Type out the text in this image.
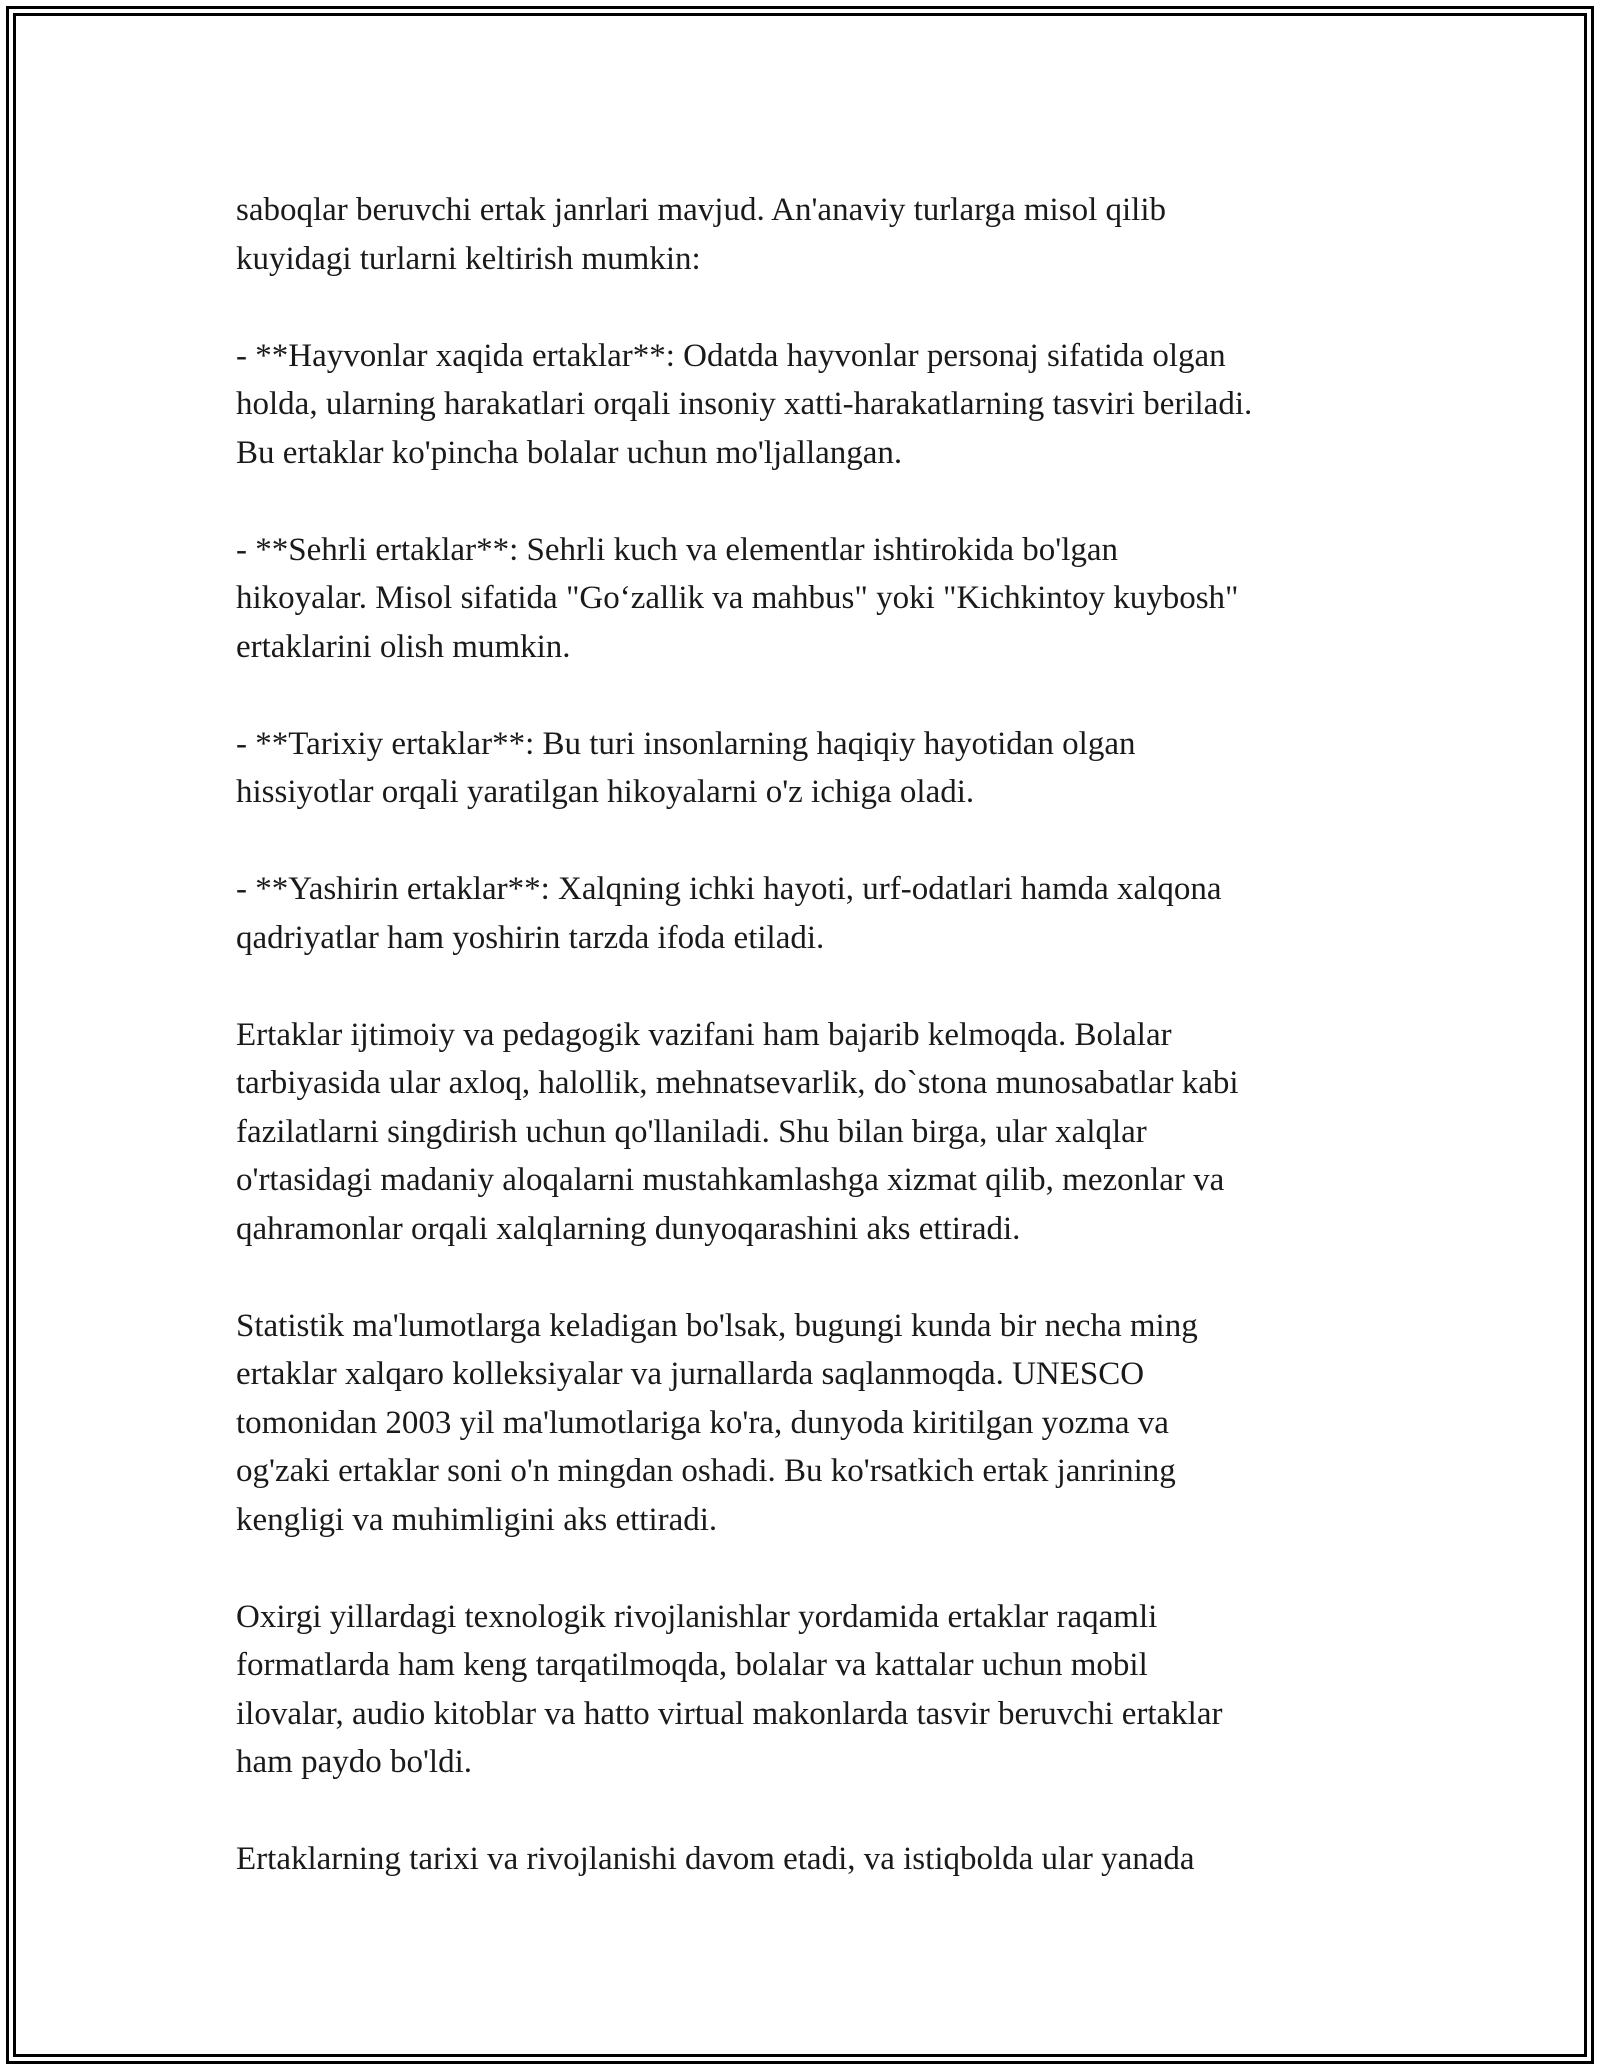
saboqlar beruvchi ertak janrlari mavjud. An'anaviy turlarga misol qilib
kuyidagi turlarni keltirish mumkin:

- **Hayvonlar xaqida ertaklar**: Odatda hayvonlar personaj sifatida olgan
holda, ularning harakatlari orqali insoniy xatti-harakatlarning tasviri beriladi.
Bu ertaklar ko'pincha bolalar uchun mo'ljallangan.

- **Sehrli ertaklar**: Sehrli kuch va elementlar ishtirokida bo'lgan
hikoyalar. Misol sifatida "Go‘zallik va mahbus" yoki "Kichkintoy kuybosh"
ertaklarini olish mumkin.

- **Tarixiy ertaklar**: Bu turi insonlarning haqiqiy hayotidan olgan
hissiyotlar orqali yaratilgan hikoyalarni o'z ichiga oladi.

- **Yashirin ertaklar**: Xalqning ichki hayoti, urf-odatlari hamda xalqona
qadriyatlar ham yoshirin tarzda ifoda etiladi.

Ertaklar ijtimoiy va pedagogik vazifani ham bajarib kelmoqda. Bolalar
tarbiyasida ular axloq, halollik, mehnatsevarlik, do`stona munosabatlar kabi
fazilatlarni singdirish uchun qo'llaniladi. Shu bilan birga, ular xalqlar
o'rtasidagi madaniy aloqalarni mustahkamlashga xizmat qilib, mezonlar va
qahramonlar orqali xalqlarning dunyoqarashini aks ettiradi.

Statistik ma'lumotlarga keladigan bo'lsak, bugungi kunda bir necha ming
ertaklar xalqaro kolleksiyalar va jurnallarda saqlanmoqda. UNESCO
tomonidan 2003 yil ma'lumotlariga ko'ra, dunyoda kiritilgan yozma va
og'zaki ertaklar soni o'n mingdan oshadi. Bu ko'rsatkich ertak janrining
kengligi va muhimligini aks ettiradi.

Oxirgi yillardagi texnologik rivojlanishlar yordamida ertaklar raqamli
formatlarda ham keng tarqatilmoqda, bolalar va kattalar uchun mobil
ilovalar, audio kitoblar va hatto virtual makonlarda tasvir beruvchi ertaklar
ham paydo bo'ldi.

Ertaklarning tarixi va rivojlanishi davom etadi, va istiqbolda ular yanada
